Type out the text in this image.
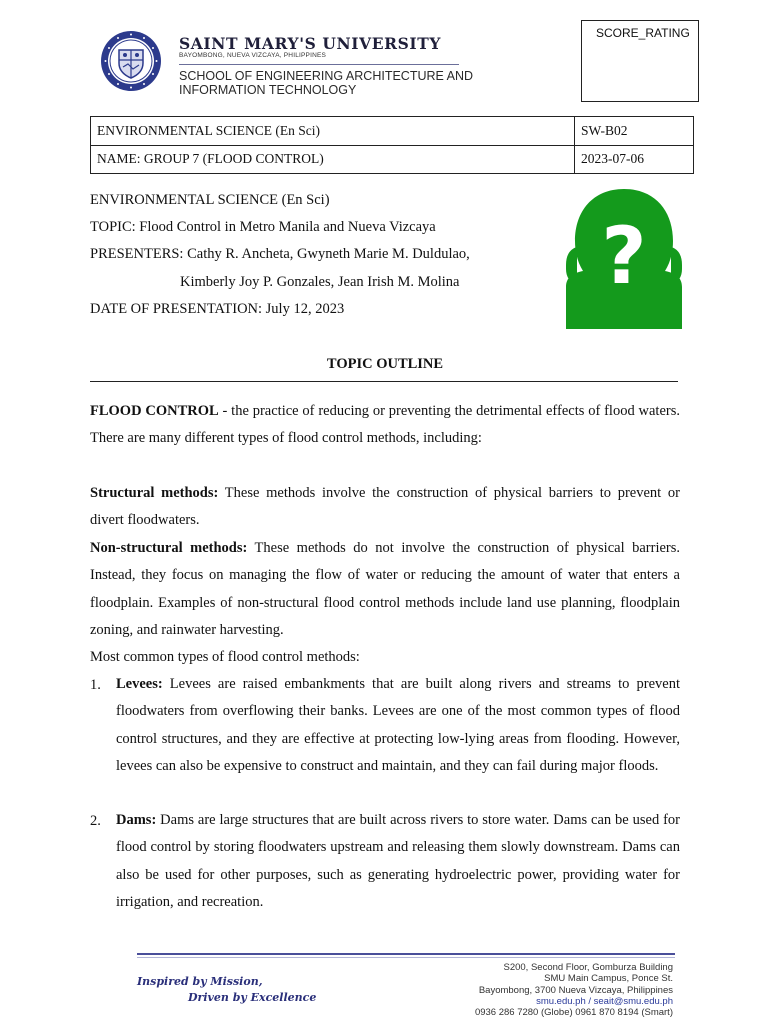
SAINT MARY'S UNIVERSITY
BAYOMBONG, NUEVA VIZCAYA, PHILIPPINES
SCHOOL OF ENGINEERING ARCHITECTURE AND
INFORMATION TECHNOLOGY
SCORE_RATING
ENVIRONMENTAL SCIENCE (En Sci)	SW-B02
NAME: GROUP 7 (FLOOD CONTROL)	2023-07-06
ENVIRONMENTAL SCIENCE (En Sci)
TOPIC: Flood Control in Metro Manila and Nueva Vizcaya
PRESENTERS: Cathy R. Ancheta, Gwyneth Marie M. Duldulao,
Kimberly Joy P. Gonzales, Jean Irish M. Molina
DATE OF PRESENTATION: July 12, 2023
?
TOPIC OUTLINE
FLOOD CONTROL - the practice of reducing or preventing the detrimental effects of flood waters. There are many different types of flood control methods, including:
Structural methods: These methods involve the construction of physical barriers to prevent or divert floodwaters.
Non-structural methods: These methods do not involve the construction of physical barriers. Instead, they focus on managing the flow of water or reducing the amount of water that enters a floodplain. Examples of non-structural flood control methods include land use planning, floodplain zoning, and rainwater harvesting.
Most common types of flood control methods:
1. Levees: Levees are raised embankments that are built along rivers and streams to prevent floodwaters from overflowing their banks. Levees are one of the most common types of flood control structures, and they are effective at protecting low-lying areas from flooding. However, levees can also be expensive to construct and maintain, and they can fail during major floods.
2. Dams: Dams are large structures that are built across rivers to store water. Dams can be used for flood control by storing floodwaters upstream and releasing them slowly downstream. Dams can also be used for other purposes, such as generating hydroelectric power, providing water for irrigation, and recreation.
Inspired by Mission,
Driven by Excellence
S200, Second Floor, Gomburza Building
SMU Main Campus, Ponce St.
Bayombong, 3700 Nueva Vizcaya, Philippines
smu.edu.ph / seait@smu.edu.ph
0936 286 7280 (Globe) 0961 870 8194 (Smart)
